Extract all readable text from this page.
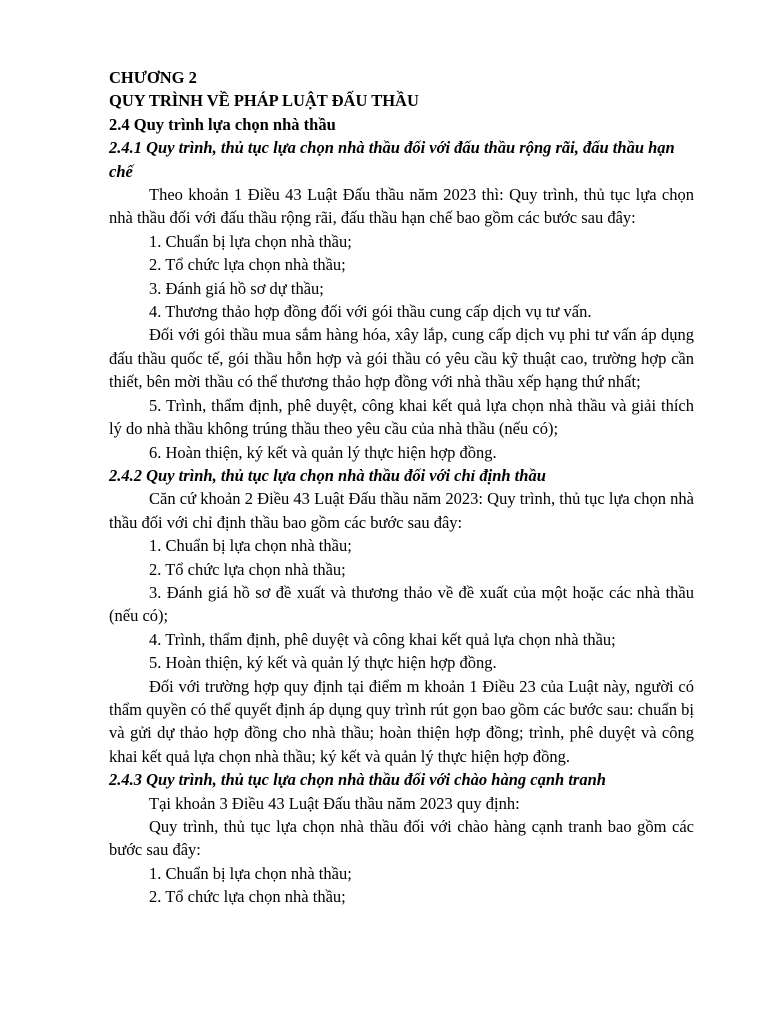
CHƯƠNG 2

QUY TRÌNH VỀ PHÁP LUẬT ĐẤU THẦU

2.4 Quy trình lựa chọn nhà thầu

2.4.1 Quy trình, thủ tục lựa chọn nhà thầu đối với đấu thầu rộng rãi, đấu thầu hạn chế

Theo khoản 1 Điều 43 Luật Đấu thầu năm 2023 thì: Quy trình, thủ tục lựa chọn nhà thầu đối với đấu thầu rộng rãi, đấu thầu hạn chế bao gồm các bước sau đây:

1. Chuẩn bị lựa chọn nhà thầu;

2. Tổ chức lựa chọn nhà thầu;

3. Đánh giá hồ sơ dự thầu;

4. Thương thảo hợp đồng đối với gói thầu cung cấp dịch vụ tư vấn.

Đối với gói thầu mua sắm hàng hóa, xây lắp, cung cấp dịch vụ phi tư vấn áp dụng đấu thầu quốc tế, gói thầu hỗn hợp và gói thầu có yêu cầu kỹ thuật cao, trường hợp cần thiết, bên mời thầu có thể thương thảo hợp đồng với nhà thầu xếp hạng thứ nhất;

5. Trình, thẩm định, phê duyệt, công khai kết quả lựa chọn nhà thầu và giải thích lý do nhà thầu không trúng thầu theo yêu cầu của nhà thầu (nếu có);

6. Hoàn thiện, ký kết và quản lý thực hiện hợp đồng.

2.4.2 Quy trình, thủ tục lựa chọn nhà thầu đối với chỉ định thầu

Căn cứ khoản 2 Điều 43 Luật Đấu thầu năm 2023: Quy trình, thủ tục lựa chọn nhà thầu đối với chỉ định thầu bao gồm các bước sau đây:

1. Chuẩn bị lựa chọn nhà thầu;

2. Tổ chức lựa chọn nhà thầu;

3. Đánh giá hồ sơ đề xuất và thương thảo về đề xuất của một hoặc các nhà thầu (nếu có);

4. Trình, thẩm định, phê duyệt và công khai kết quả lựa chọn nhà thầu;

5. Hoàn thiện, ký kết và quản lý thực hiện hợp đồng.

Đối với trường hợp quy định tại điểm m khoản 1 Điều 23 của Luật này, người có thẩm quyền có thể quyết định áp dụng quy trình rút gọn bao gồm các bước sau: chuẩn bị và gửi dự thảo hợp đồng cho nhà thầu; hoàn thiện hợp đồng; trình, phê duyệt và công khai kết quả lựa chọn nhà thầu; ký kết và quản lý thực hiện hợp đồng.

2.4.3 Quy trình, thủ tục lựa chọn nhà thầu đối với chào hàng cạnh tranh

Tại khoản 3 Điều 43 Luật Đấu thầu năm 2023 quy định:

Quy trình, thủ tục lựa chọn nhà thầu đối với chào hàng cạnh tranh bao gồm các bước sau đây:

1. Chuẩn bị lựa chọn nhà thầu;

2. Tổ chức lựa chọn nhà thầu;
